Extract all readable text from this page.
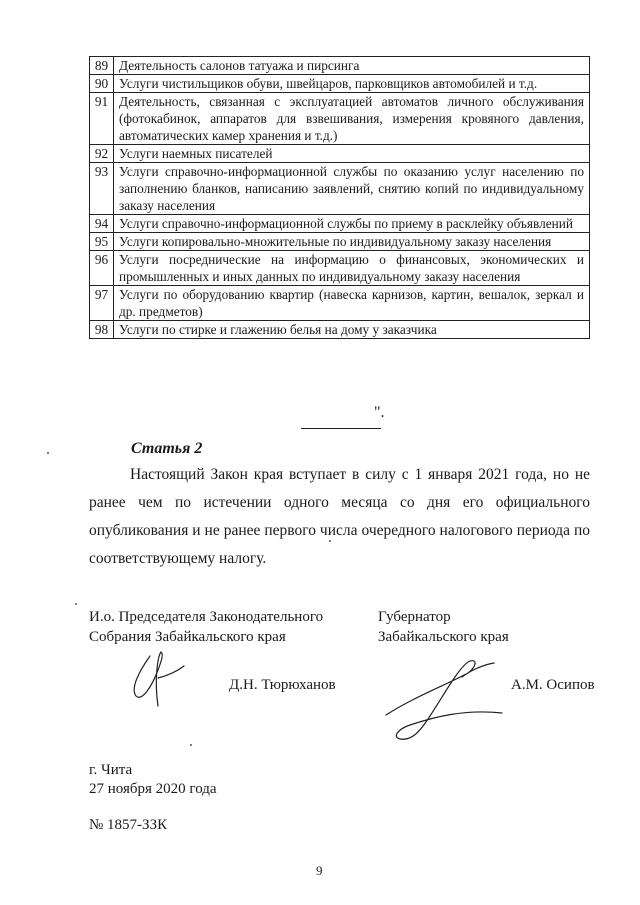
89	Деятельность салонов татуажа и пирсинга
90	Услуги чистильщиков обуви, швейцаров, парковщиков автомобилей и т.д.
91	Деятельность, связанная с эксплуатацией автоматов личного обслуживания (фотокабинок, аппаратов для взвешивания, измерения кровяного давления, автоматических камер хранения и т.д.)
92	Услуги наемных писателей
93	Услуги справочно-информационной службы по оказанию услуг населению по заполнению бланков, написанию заявлений, снятию копий по индивидуальному заказу населения
94	Услуги справочно-информационной службы по приему в расклейку объявлений
95	Услуги копировально-множительные по индивидуальному заказу населения
96	Услуги посреднические на информацию о финансовых, экономических и промышленных и иных данных по индивидуальному заказу населения
97	Услуги по оборудованию квартир (навеска карнизов, картин, вешалок, зеркал и др. предметов)
98	Услуги по стирке и глажению белья на дому у заказчика
".
Статья 2

Настоящий Закон края вступает в силу с 1 января 2021 года, но не ранее чем по истечении одного месяца со дня его официального опубликования и не ранее первого числа очередного налогового периода по соответствующему налогу.

И.о. Председателя Законодательного
Собрания Забайкальского края
Губернатор
Забайкальского края
Д.Н. Тюрюханов	А.М. Осипов
г. Чита
27 ноября 2020 года
№ 1857-ЗЗК
9
